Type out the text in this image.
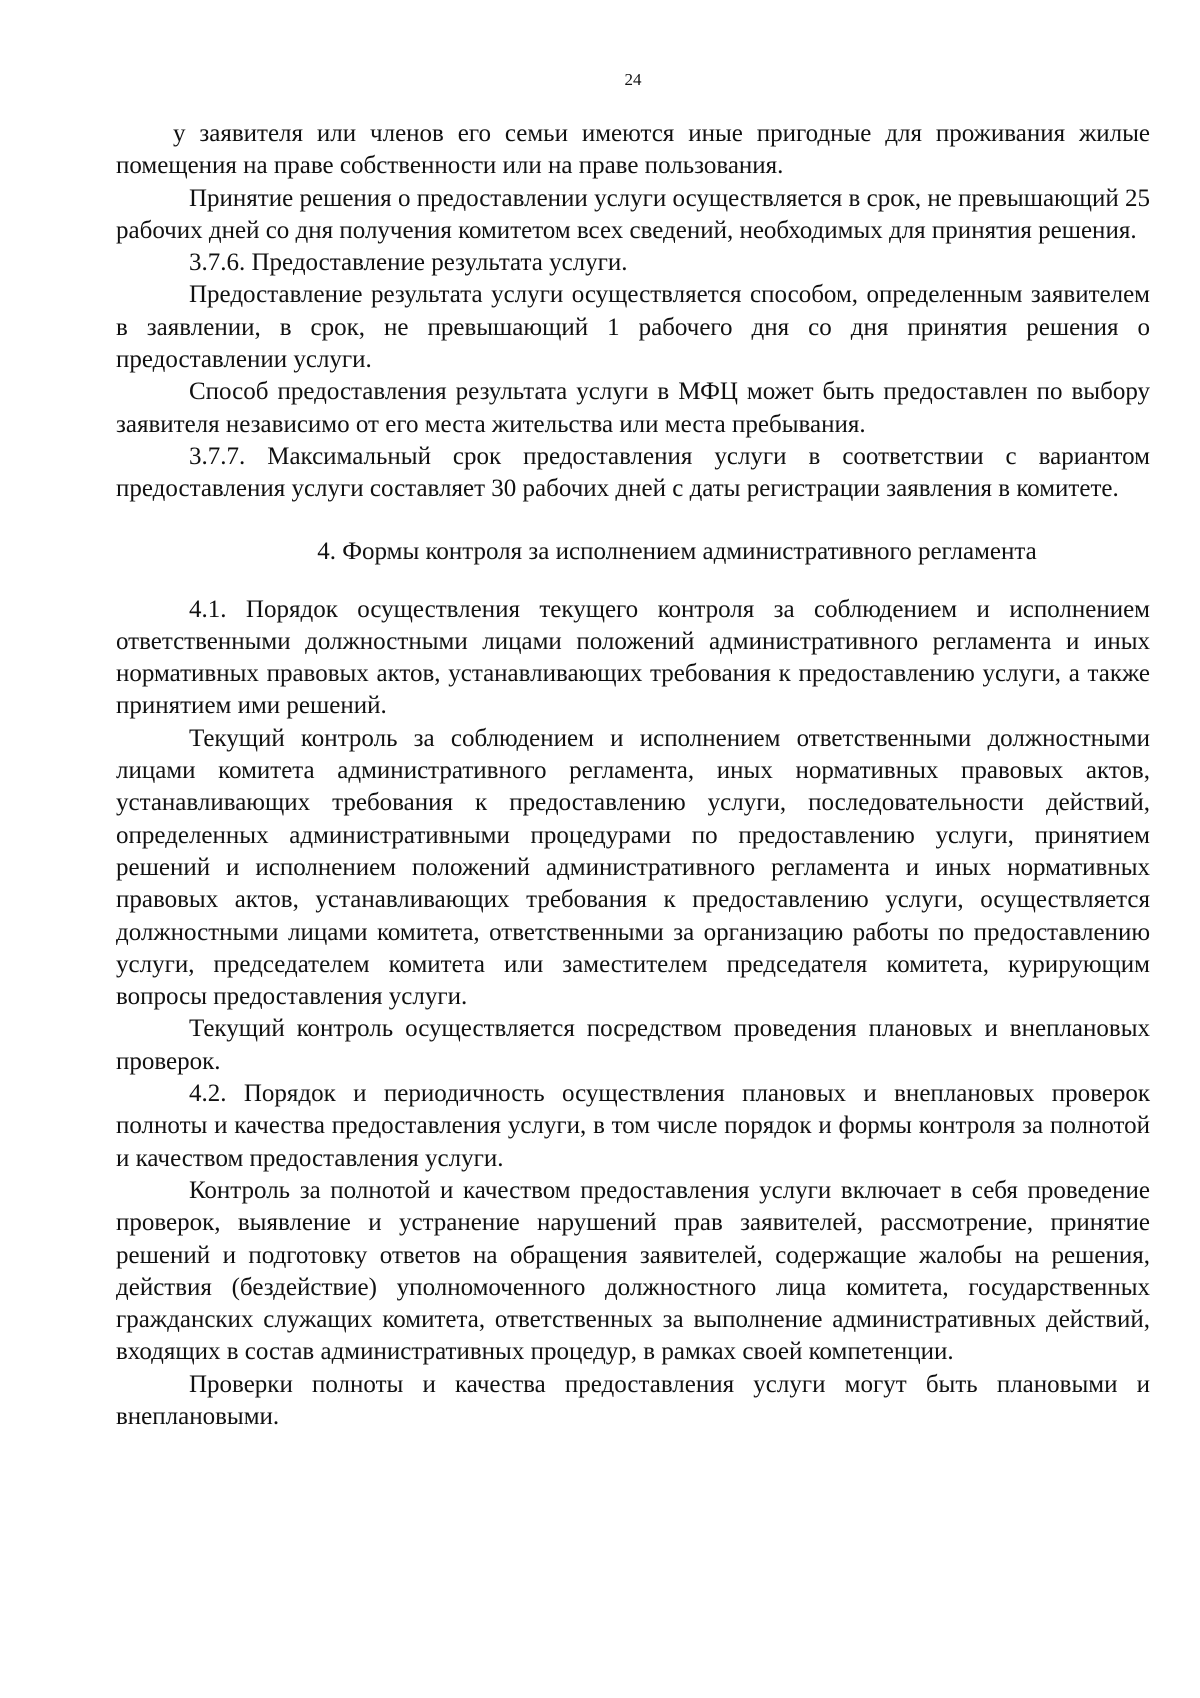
24

у заявителя или членов его семьи имеются иные пригодные для проживания жилые помещения на праве собственности или на праве пользования.

Принятие решения о предоставлении услуги осуществляется в срок, не превышающий 25 рабочих дней со дня получения комитетом всех сведений, необходимых для принятия решения.

3.7.6. Предоставление результата услуги.

Предоставление результата услуги осуществляется способом, определенным заявителем в заявлении, в срок, не превышающий 1 рабочего дня со дня принятия решения о предоставлении услуги.

Способ предоставления результата услуги в МФЦ может быть предоставлен по выбору заявителя независимо от его места жительства или места пребывания.

3.7.7. Максимальный срок предоставления услуги в соответствии с вариантом предоставления услуги составляет 30 рабочих дней с даты регистрации заявления в комитете.

4. Формы контроля за исполнением административного регламента

4.1. Порядок осуществления текущего контроля за соблюдением и исполнением ответственными должностными лицами положений административного регламента и иных нормативных правовых актов, устанавливающих требования к предоставлению услуги, а также принятием ими решений.

Текущий контроль за соблюдением и исполнением ответственными должностными лицами комитета административного регламента, иных нормативных правовых актов, устанавливающих требования к предоставлению услуги, последовательности действий, определенных административными процедурами по предоставлению услуги, принятием решений и исполнением положений административного регламента и иных нормативных правовых актов, устанавливающих требования к предоставлению услуги, осуществляется должностными лицами комитета, ответственными за организацию работы по предоставлению услуги, председателем комитета или заместителем председателя комитета, курирующим вопросы предоставления услуги.

Текущий контроль осуществляется посредством проведения плановых и внеплановых проверок.

4.2. Порядок и периодичность осуществления плановых и внеплановых проверок полноты и качества предоставления услуги, в том числе порядок и формы контроля за полнотой и качеством предоставления услуги.

Контроль за полнотой и качеством предоставления услуги включает в себя проведение проверок, выявление и устранение нарушений прав заявителей, рассмотрение, принятие решений и подготовку ответов на обращения заявителей, содержащие жалобы на решения, действия (бездействие) уполномоченного должностного лица комитета, государственных гражданских служащих комитета, ответственных за выполнение административных действий, входящих в состав административных процедур, в рамках своей компетенции.

Проверки полноты и качества предоставления услуги могут быть плановыми и внеплановыми.
